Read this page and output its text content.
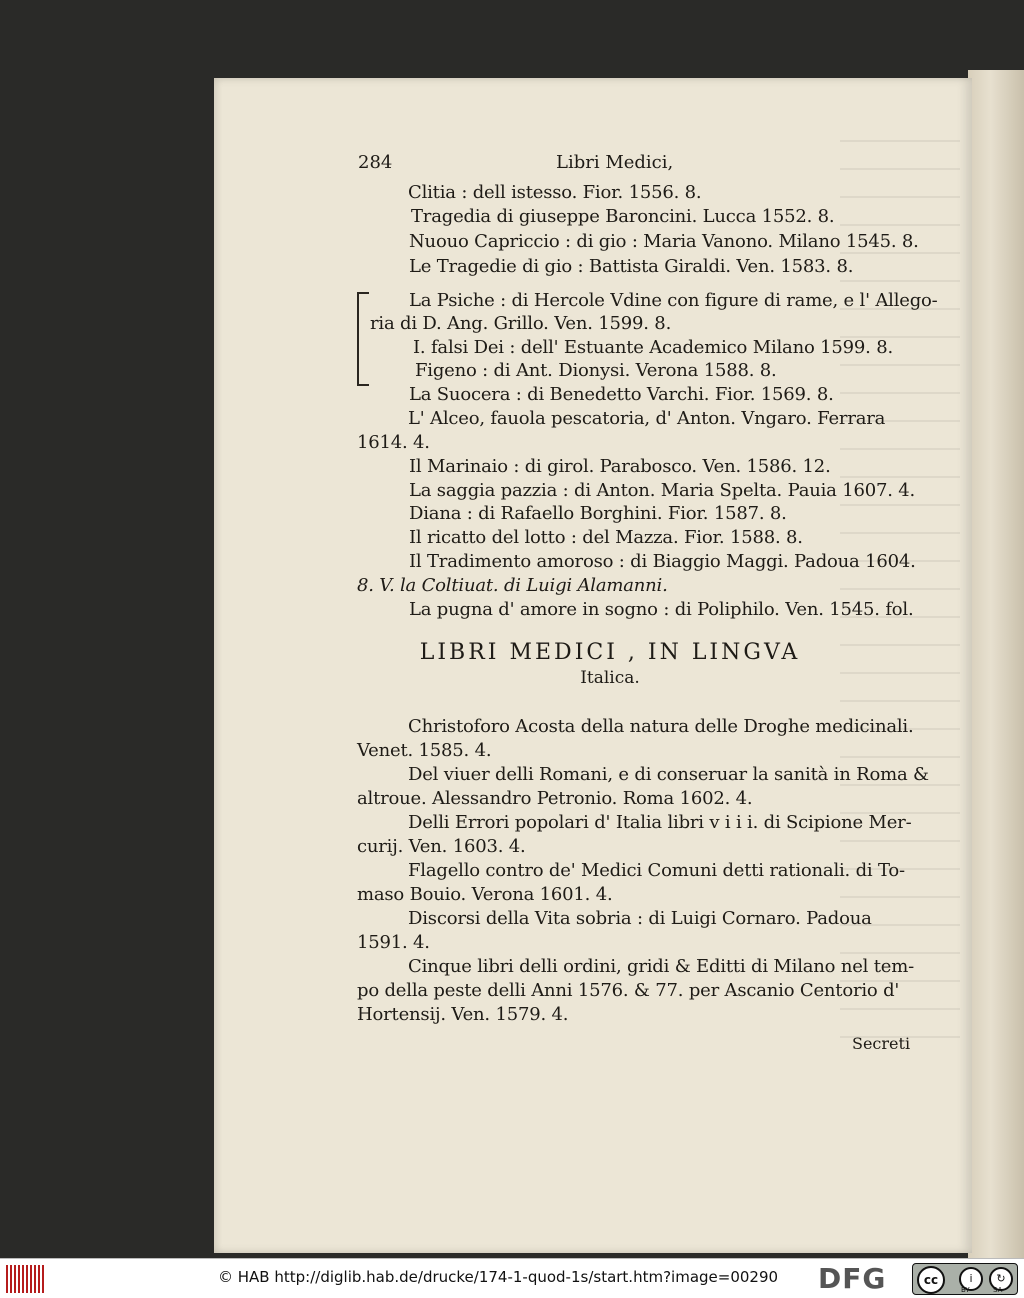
284	Libri Medici,
Clitia : dell istesso. Fior. 1556. 8.
Tragedia di giuseppe Baroncini. Lucca 1552. 8.
Nuouo Capriccio : di gio : Maria Vanono. Milano 1545. 8.
Le Tragedie di gio : Battista Giraldi. Ven. 1583. 8.
La Psiche : di Hercole Vdine con figure di rame, e l' Allego-
ria di D. Ang. Grillo. Ven. 1599. 8.
I. falsi Dei : dell' Estuante Academico Milano 1599. 8.
Figeno : di Ant. Dionysi. Verona 1588. 8.
La Suocera : di Benedetto Varchi. Fior. 1569. 8.
L' Alceo, fauola pescatoria, d' Anton. Vngaro. Ferrara
1614. 4.
Il Marinaio : di girol. Parabosco. Ven. 1586. 12.
La saggia pazzia : di Anton. Maria Spelta. Pauia 1607. 4.
Diana : di Rafaello Borghini. Fior. 1587. 8.
Il ricatto del lotto : del Mazza. Fior. 1588. 8.
Il Tradimento amoroso : di Biaggio Maggi. Padoua 1604.
8. V. la Coltiuat. di Luigi Alamanni.
La pugna d' amore in sogno : di Poliphilo. Ven. 1545. fol.
LIBRI MEDICI , IN LINGVA
Italica.
Christoforo Acosta della natura delle Droghe medicinali.
Venet. 1585. 4.
Del viuer delli Romani, e di conseruar la sanità in Roma &
altroue. Alessandro Petronio. Roma 1602. 4.
Delli Errori popolari d' Italia libri v i i i. di Scipione Mer-
curij. Ven. 1603. 4.
Flagello contro de' Medici Comuni detti rationali. di To-
maso Bouio. Verona 1601. 4.
Discorsi della Vita sobria : di Luigi Cornaro. Padoua
1591. 4.
Cinque libri delli ordini, gridi & Editti di Milano nel tem-
po della peste delli Anni 1576. & 77. per Ascanio Centorio d'
Hortensij. Ven. 1579. 4.
Secreti
© HAB http://diglib.hab.de/drucke/174-1-quod-1s/start.htm?image=00290 DFG	cc	i	↻
BY	SA
